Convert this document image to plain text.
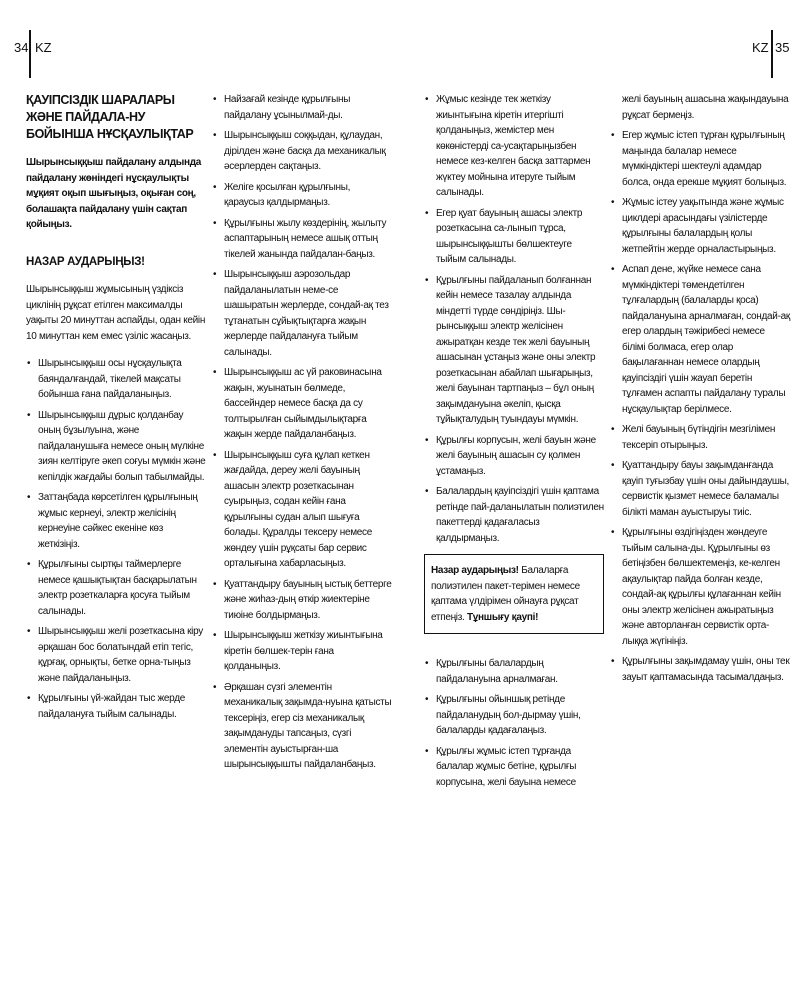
34 KZ	KZ 35

ҚАУІПСІЗДІК ШАРАЛАРЫ ЖӘНЕ ПАЙДАЛА-НУ БОЙЫНША НҰСҚАУЛЫҚТАР

Шырынсыққыш пайдалану алдында пайдалану жөніндегі нұсқаулықты мұқият оқып шығыңыз, оқыған соң, болашақта пайдалану үшін сақтап қойыңыз.

НАЗАР АУДАРЫҢЫЗ!

Шырынсыққыш жұмысының үздіксіз циклінің рұқсат етілген максималды уақыты 20 минуттан аспайды, одан кейін 10 минуттан кем емес үзіліс жасаңыз.

• Шырынсыққыш осы нұсқаулықта баяндалғандай, тікелей мақсаты бойынша ғана пайдаланыңыз.
• Шырынсыққыш дұрыс қолданбау оның бұзылуына, және пайдаланушыға немесе оның мүлкіне зиян келтіруге әкеп соғуы мүмкін және кепілдік жағдайы болып табылмайды.
• Заттаңбада көрсетілген құрылғының жұмыс кернеуі, электр желісінің кернеуіне сәйкес екеніне көз жеткізіңіз.
• Құрылғыны сыртқы таймерлерге немесе қашықтықтан басқарылатын электр розеткаларға қосуға тыйым салынады.
• Шырынсыққыш желі розеткасына кіру әрқашан бос болатындай етіп тегіс, құрғақ, орнықты, бетке орна-тыңыз және пайдаланыңыз.
• Құрылғыны үй-жайдан тыс жерде пайдалануға тыйым салынады.
• Найзағай кезінде құрылғыны пайдалану ұсынылмай-ды.
• Шырынсыққыш соққыдан, құлаудан, дірілден және басқа да механикалық әсерлерден сақтаңыз.
• Желіге қосылған құрылғыны, қараусыз қалдырмаңыз.
• Құрылғыны жылу көздерінің, жылыту аспаптарының немесе ашық оттың тікелей жанында пайдалан-баңыз.
• Шырынсыққыш аэрозольдар пайдаланылатын неме-се шашыратын жерлерде, сондай-ақ тез тұтанатын сұйықтықтарға жақын жерлерде пайдалануға тыйым салынады.
• Шырынсыққыш ас үй раковинасына жақын, жуынатын бөлмеде, бассейндер немесе басқа да су толтырылған сыйымдылықтарға жақын жерде пайдаланбаңыз.
• Шырынсыққыш суға құлап кеткен жағдайда, дереу желі бауының ашасын электр розеткасынан суырыңыз, содан кейін ғана құрылғыны судан алып шығуға болады. Құралды тексеру немесе жөндеу үшін рұқсаты бар сервис орталығына хабарласыңыз.
• Қуаттандыру бауының ыстық беттерге және жиһаз-дың өткір жиектеріне тиюіне болдырмаңыз.
• Шырынсыққыш жеткізу жиынтығына кіретін бөлшек-терін ғана қолданыңыз.
• Әрқашан сүзгі элементін механикалық зақымда-нуына қатысты тексеріңіз, егер сіз механикалық зақымдануды тапсаңыз, сүзгі элементін ауыстырған-ша шырынсыққышты пайдаланбаңыз.
• Жұмыс кезінде тек жеткізу жиынтығына кіретін итергішті қолданыңыз, жемістер мен көкөністерді са-усақтарыңызбен немесе кез-келген басқа заттармен жүктеу мойнына итеруге тыйым салынады.
• Егер қуат бауының ашасы электр розеткасына са-лынып тұрса, шырынсыққышты бөлшектеуге тыйым салынады.
• Құрылғыны пайдаланып болғаннан кейін немесе тазалау алдында міндетті түрде сөндіріңіз. Шы-рынсыққыш электр желісінен ажыратқан кезде тек желі бауының ашасынан ұстаңыз және оны электр розеткасынан абайлап шығарыңыз, желі бауынан тартпаңыз – бұл оның зақымдануына әкеліп, қысқа тұйықталудың туындауы мүмкін.
• Құрылғы корпусын, желі бауын және желі бауының ашасын су қолмен ұстамаңыз.
• Балалардың қауіпсіздігі үшін қаптама ретінде пай-даланылатын полиэтилен пакеттерді қадағаласыз қалдырмаңыз.
Назар аударыңыз! Балаларға полиэтилен пакет-терімен немесе қаптама үлдірімен ойнауға рұқсат етпеңіз. Тұншығу қаупі!
• Құрылғыны балалардың пайдалануына арналмаған.
• Құрылғыны ойыншық ретінде пайдаланудың бол-дырмау үшін, балаларды қадағалаңыз.
• Құрылғы жұмыс істеп тұрғанда балалар жұмыс бетіне, құрылғы корпусына, желі бауына немесе

желі бауының ашасына жақындауына рұқсат бермеңіз.

• Егер жұмыс істеп тұрған құрылғының маңында балалар немесе мүмкіндіктері шектеулі адамдар болса, онда ерекше мұқият болыңыз.
• Жұмыс істеу уақытында және жұмыс циклдері арасындағы үзілістерде құрылғыны балалардың қолы жетпейтін жерде орналастырыңыз.
• Аспап дене, жүйке немесе сана мүмкіндіктері төмендетілген тұлғалардың (балаларды қоса) пайдалануына арналмаған, сондай-ақ егер олардың тәжірибесі немесе білімі болмаса, егер олар бақылағаннан немесе олардың қауіпсіздігі үшін жауап беретін тұлғамен аспапты пайдалану туралы нұсқаулықтар берілмесе.
• Желі бауының бүтіндігін мезгілімен тексеріп отырыңыз.
• Қуаттандыру бауы зақымданғанда қауіп туғызбау үшін оны дайындаушы, сервистік қызмет немесе баламалы білікті маман ауыстыруы тиіс.
• Құрылғыны өздігіңізден жөндеуге тыйым салына-ды. Құрылғыны өз бетіңізбен бөлшектемеңіз, ке-келген ақаулықтар пайда болған кезде, сондай-ақ құрылғы құлағаннан кейін оны электр желісінен ажыратыңыз және авторланған сервистік орта-лыққа жүгініңіз.
• Құрылғыны зақымдамау үшін, оны тек зауыт қаптамасында тасымалдаңыз.
